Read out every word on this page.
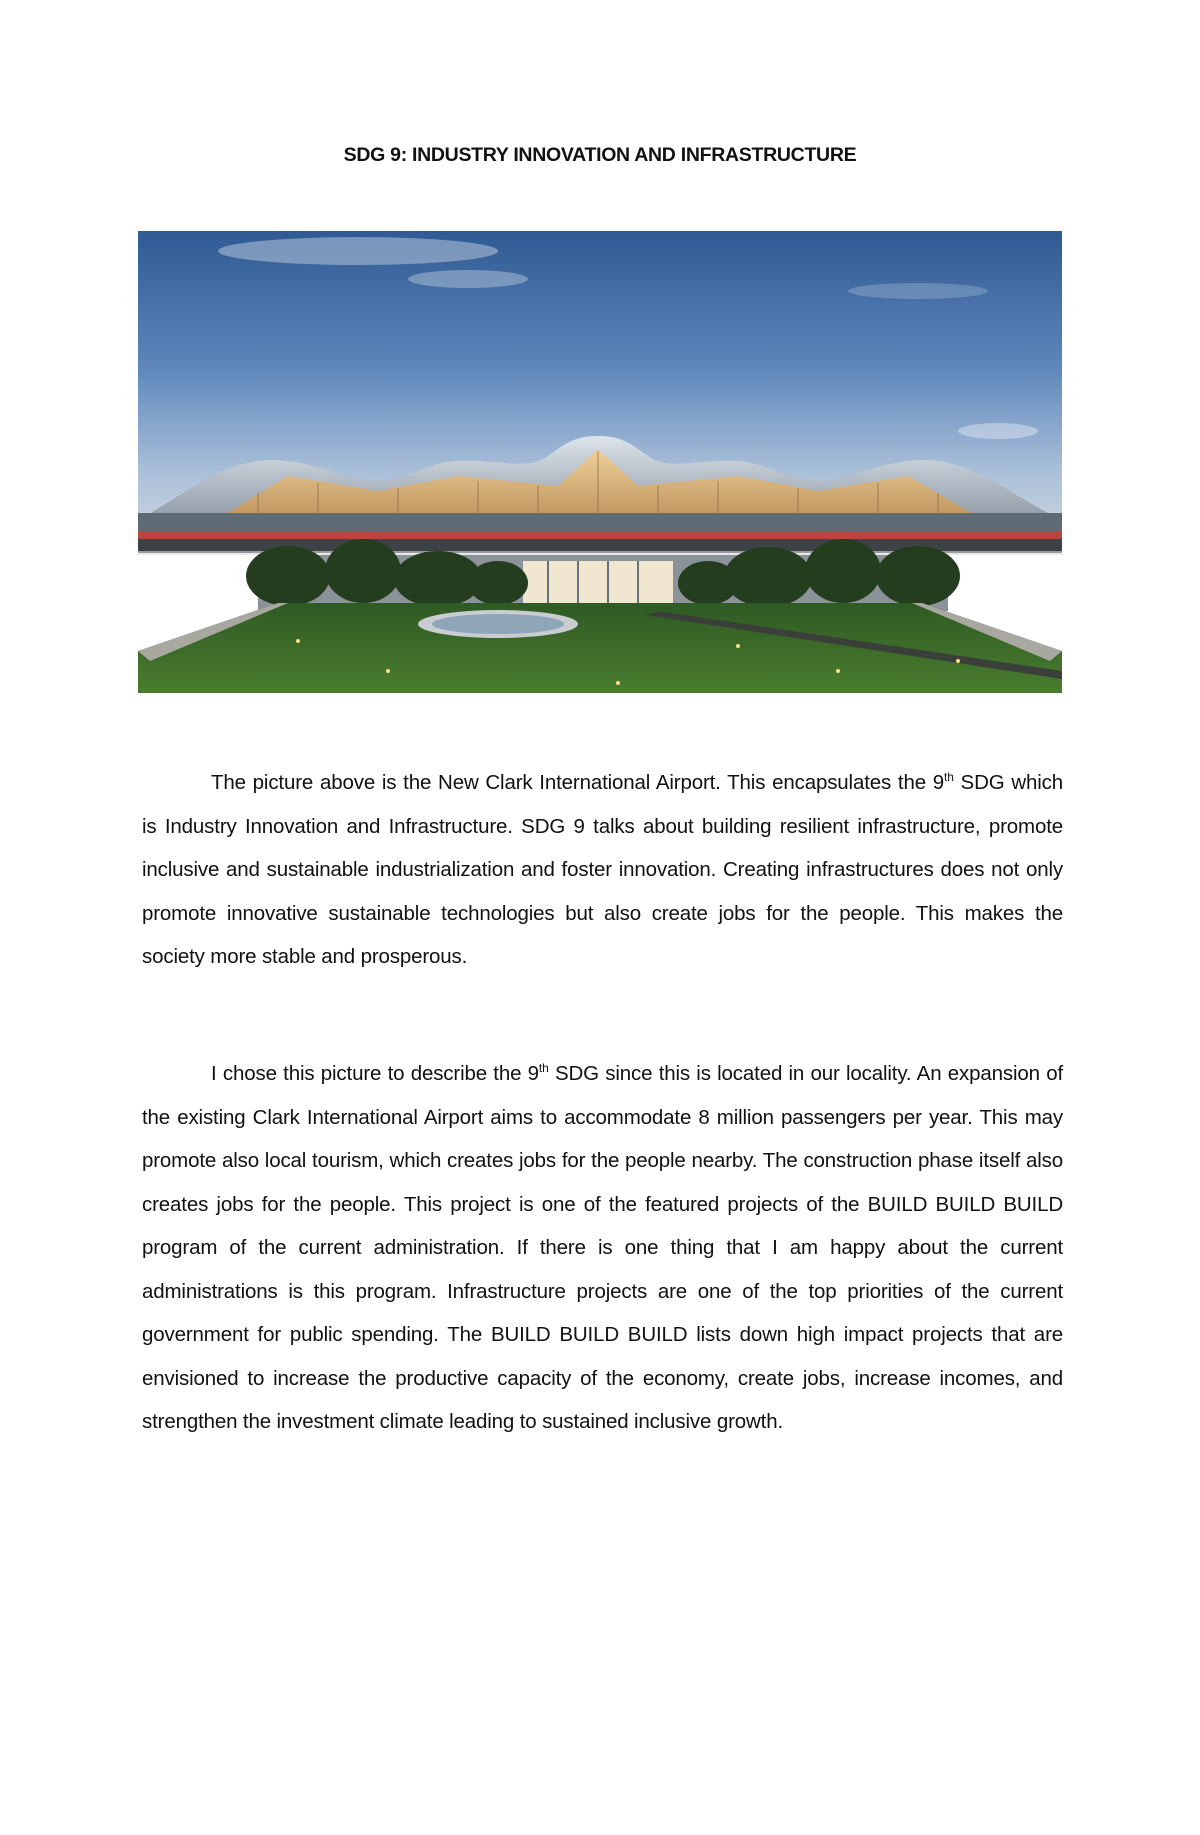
SDG 9: INDUSTRY INNOVATION AND INFRASTRUCTURE
The picture above is the New Clark International Airport. This encapsulates the 9th SDG which is Industry Innovation and Infrastructure. SDG 9 talks about building resilient infrastructure, promote inclusive and sustainable industrialization and foster innovation. Creating infrastructures does not only promote innovative sustainable technologies but also create jobs for the people. This makes the society more stable and prosperous.
I chose this picture to describe the 9th SDG since this is located in our locality. An expansion of the existing Clark International Airport aims to accommodate 8 million passengers per year. This may promote also local tourism, which creates jobs for the people nearby. The construction phase itself also creates jobs for the people. This project is one of the featured projects of the BUILD BUILD BUILD program of the current administration. If there is one thing that I am happy about the current administrations is this program. Infrastructure projects are one of the top priorities of the current government for public spending. The BUILD BUILD BUILD lists down high impact projects that are envisioned to increase the productive capacity of the economy, create jobs, increase incomes, and strengthen the investment climate leading to sustained inclusive growth.
